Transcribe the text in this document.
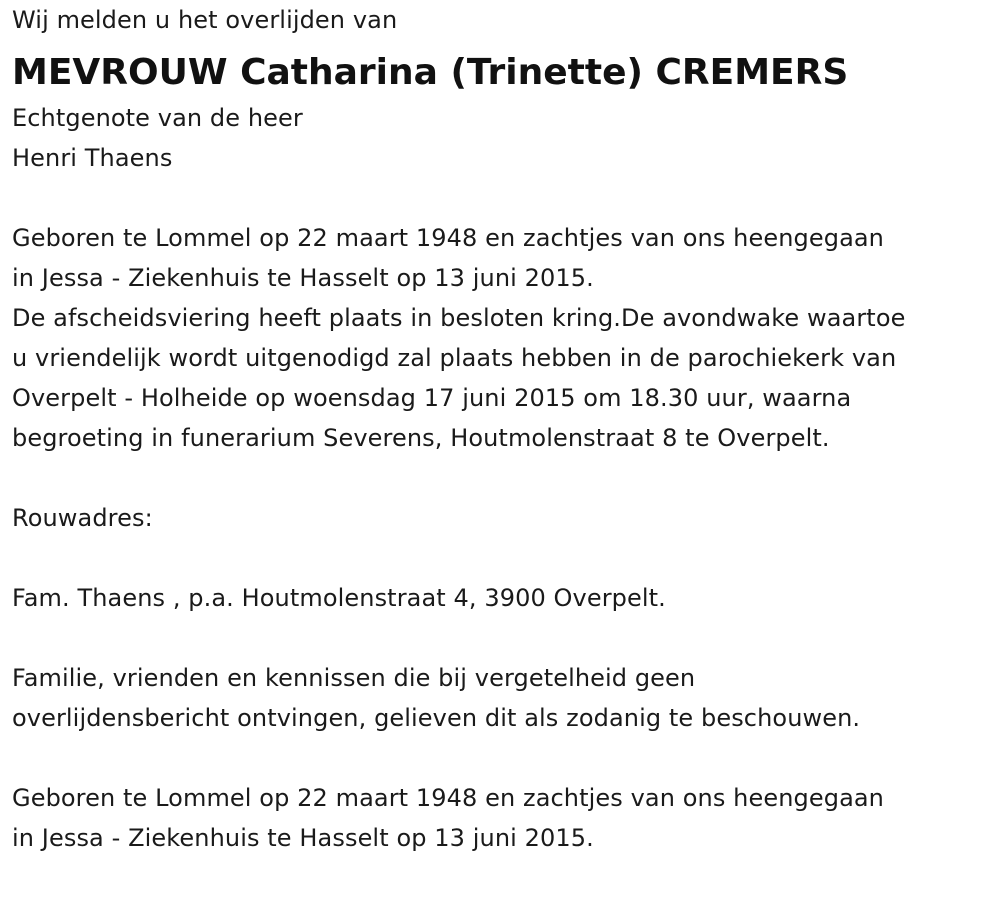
Wij melden u het overlijden van
MEVROUW Catharina (Trinette) CREMERS
Echtgenote van de heer
Henri Thaens
Geboren te Lommel op 22 maart 1948 en zachtjes van ons heengegaan
in Jessa - Ziekenhuis te Hasselt op 13 juni 2015.
De afscheidsviering heeft plaats in besloten kring.De avondwake waartoe
u vriendelijk wordt uitgenodigd zal plaats hebben in de parochiekerk van
Overpelt - Holheide op woensdag 17 juni 2015 om 18.30 uur, waarna
begroeting in funerarium Severens, Houtmolenstraat 8 te Overpelt.
Rouwadres:
Fam. Thaens , p.a. Houtmolenstraat 4, 3900 Overpelt.
Familie, vrienden en kennissen die bij vergetelheid geen
overlijdensbericht ontvingen, gelieven dit als zodanig te beschouwen.
Geboren te Lommel op 22 maart 1948 en zachtjes van ons heengegaan
in Jessa - Ziekenhuis te Hasselt op 13 juni 2015.
